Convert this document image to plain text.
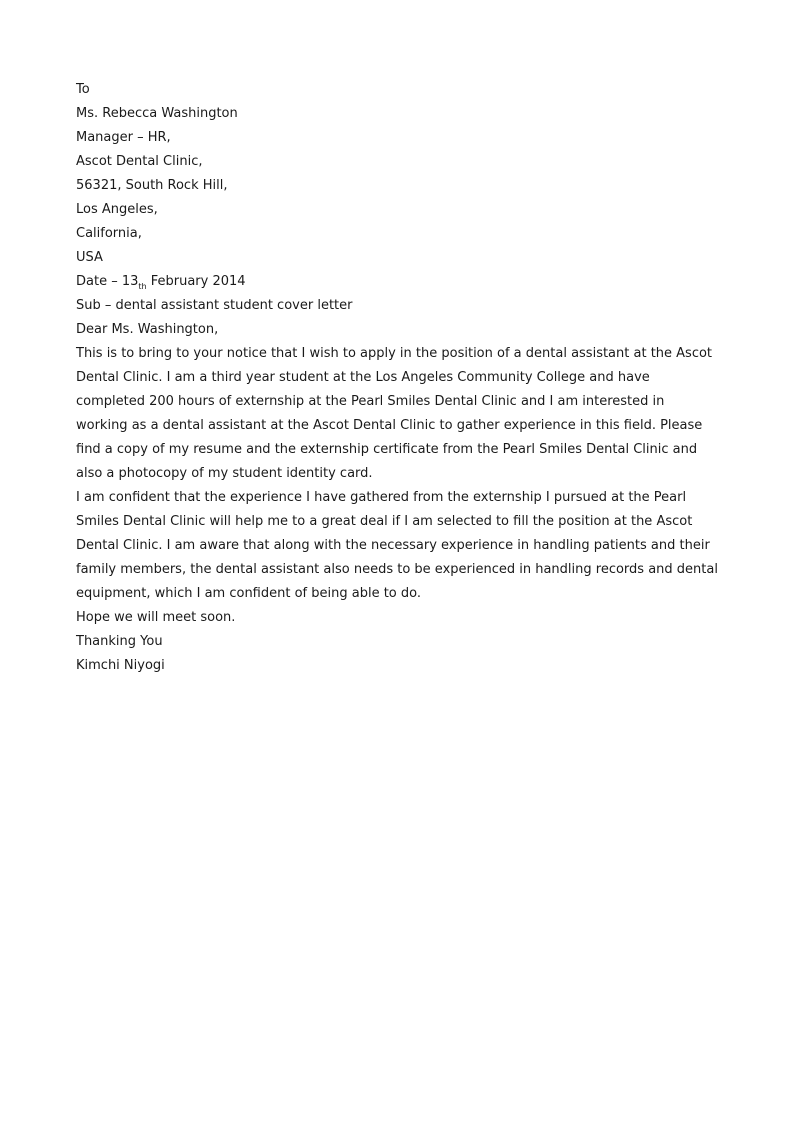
To
Ms. Rebecca Washington
Manager – HR,
Ascot Dental Clinic,
56321, South Rock Hill,
Los Angeles,
California,
USA
Date – $13_{th}$ February 2014
Sub – dental assistant student cover letter
Dear Ms. Washington,

This is to bring to your notice that I wish to apply in the position of a dental assistant at the Ascot Dental Clinic. I am a third year student at the Los Angeles Community College and have completed 200 hours of externship at the Pearl Smiles Dental Clinic and I am interested in working as a dental assistant at the Ascot Dental Clinic to gather experience in this field. Please find a copy of my resume and the externship certificate from the Pearl Smiles Dental Clinic and also a photocopy of my student identity card.

I am confident that the experience I have gathered from the externship I pursued at the Pearl Smiles Dental Clinic will help me to a great deal if I am selected to fill the position at the Ascot Dental Clinic. I am aware that along with the necessary experience in handling patients and their family members, the dental assistant also needs to be experienced in handling records and dental equipment, which I am confident of being able to do.

Hope we will meet soon.

Thanking You
Kimchi Niyogi
